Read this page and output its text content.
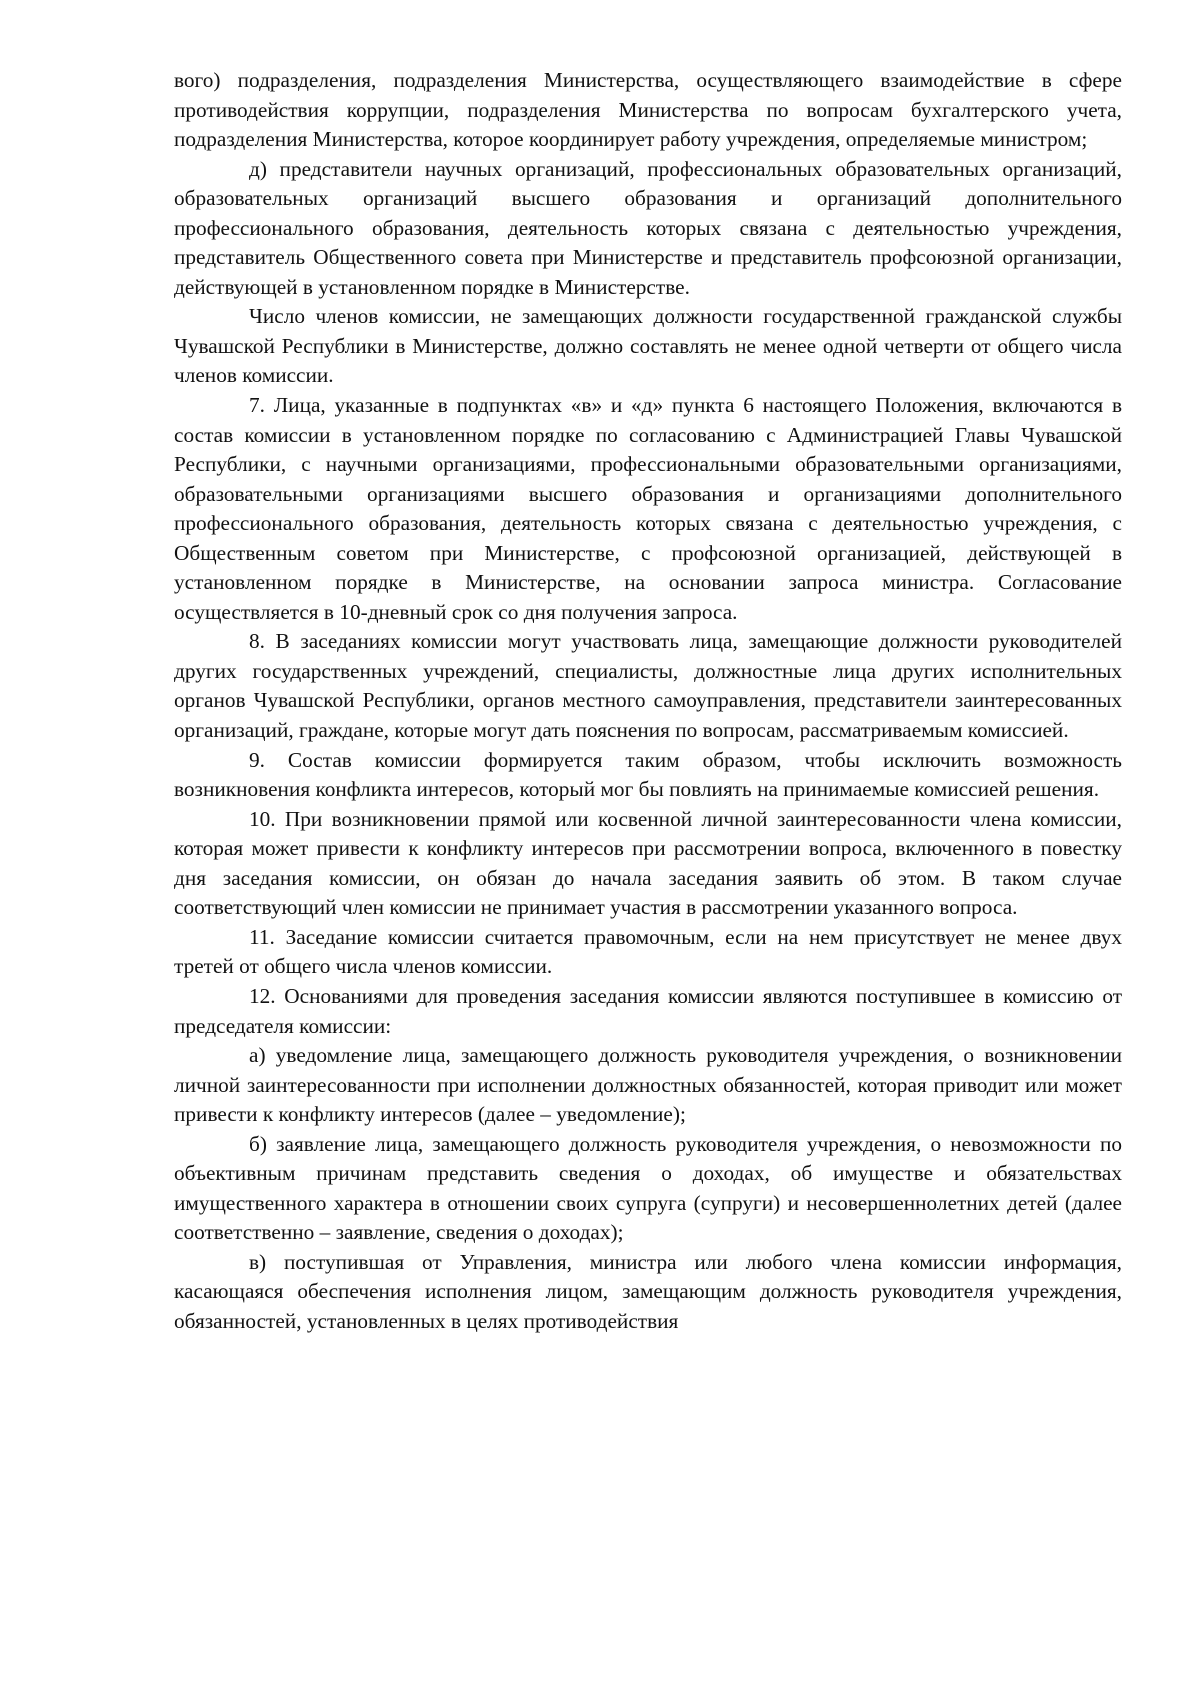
вого) подразделения, подразделения Министерства, осуществляющего взаимодействие в сфере противодействия коррупции, подразделения Министерства по вопросам бухгалтерского учета, подразделения Министерства, которое координирует работу учреждения, определяемые министром;

д) представители научных организаций, профессиональных образовательных организаций, образовательных организаций высшего образования и организаций дополнительного профессионального образования, деятельность которых связана с деятельностью учреждения, представитель Общественного совета при Министерстве и представитель профсоюзной организации, действующей в установленном порядке в Министерстве.

Число членов комиссии, не замещающих должности государственной гражданской службы Чувашской Республики в Министерстве, должно составлять не менее одной четверти от общего числа членов комиссии.

7. Лица, указанные в подпунктах «в» и «д» пункта 6 настоящего Положения, включаются в состав комиссии в установленном порядке по согласованию с Администрацией Главы Чувашской Республики, с научными организациями, профессиональными образовательными организациями, образовательными организациями высшего образования и организациями дополнительного профессионального образования, деятельность которых связана с деятельностью учреждения, с Общественным советом при Министерстве, с профсоюзной организацией, действующей в установленном порядке в Министерстве, на основании запроса министра. Согласование осуществляется в 10-дневный срок со дня получения запроса.

8. В заседаниях комиссии могут участвовать лица, замещающие должности руководителей других государственных учреждений, специалисты, должностные лица других исполнительных органов Чувашской Республики, органов местного самоуправления, представители заинтересованных организаций, граждане, которые могут дать пояснения по вопросам, рассматриваемым комиссией.

9. Состав комиссии формируется таким образом, чтобы исключить возможность возникновения конфликта интересов, который мог бы повлиять на принимаемые комиссией решения.

10. При возникновении прямой или косвенной личной заинтересованности члена комиссии, которая может привести к конфликту интересов при рассмотрении вопроса, включенного в повестку дня заседания комиссии, он обязан до начала заседания заявить об этом. В таком случае соответствующий член комиссии не принимает участия в рассмотрении указанного вопроса.

11. Заседание комиссии считается правомочным, если на нем присутствует не менее двух третей от общего числа членов комиссии.

12. Основаниями для проведения заседания комиссии являются поступившее в комиссию от председателя комиссии:

а) уведомление лица, замещающего должность руководителя учреждения, о возникновении личной заинтересованности при исполнении должностных обязанностей, которая приводит или может привести к конфликту интересов (далее – уведомление);

б) заявление лица, замещающего должность руководителя учреждения, о невозможности по объективным причинам представить сведения о доходах, об имуществе и обязательствах имущественного характера в отношении своих супруга (супруги) и несовершеннолетних детей (далее соответственно – заявление, сведения о доходах);

в) поступившая от Управления, министра или любого члена комиссии информация, касающаяся обеспечения исполнения лицом, замещающим должность руководителя учреждения, обязанностей, установленных в целях противодействия
